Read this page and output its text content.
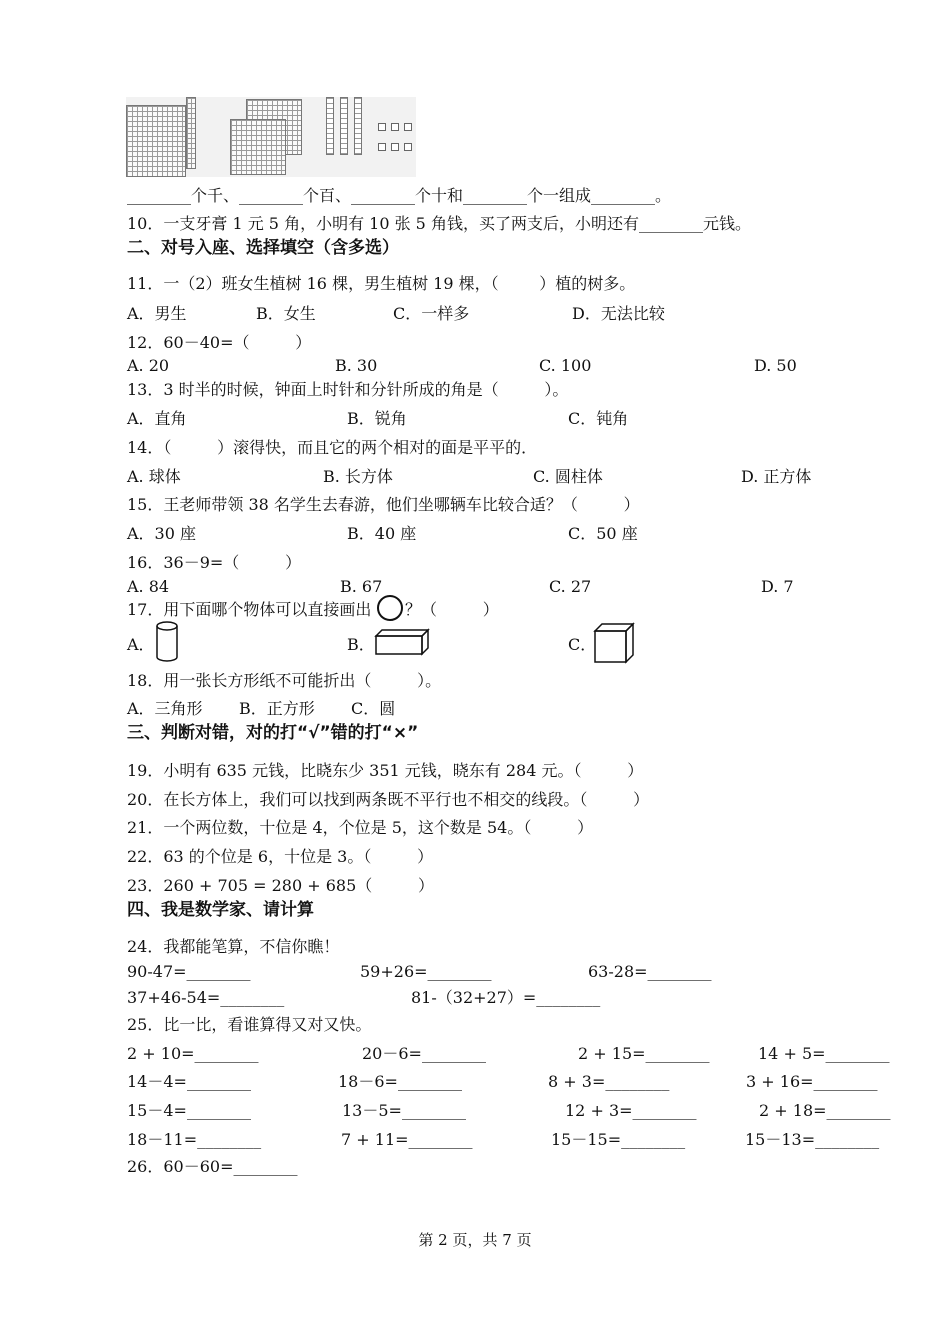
________个千、________个百、________个十和________个一组成________。
10．一支牙膏 1 元 5 角，小明有 10 张 5 角钱，买了两支后，小明还有________元钱。
二、对号入座、选择填空（含多选）
11．一（2）班女生植树 16 棵，男生植树 19 棵，（        ）植的树多。
12．60－40=（         ）
13．3 时半的时候，钟面上时针和分针所成的角是（         ）。
14．（         ）滚得快，而且它的两个相对的面是平平的．
15．王老师带领 38 名学生去春游，他们坐哪辆车比较合适？（         ）
16．36－9=（         ）
18．用一张长方形纸不可能折出（         ）。
三、判断对错，对的打“√”错的打“×”
19．小明有 635 元钱，比晓东少 351 元钱，晓东有 284 元。（         ）
20．在长方体上，我们可以找到两条既不平行也不相交的线段。（         ）
21．一个两位数，十位是 4，个位是 5，这个数是 54。（         ）
22．63 的个位是 6，十位是 3。（         ）
23．260 + 705 = 280 + 685（         ）
四、我是数学家、请计算
24．我都能笔算，不信你瞧！
25．比一比，看谁算得又对又快。
26．60－60=________
A．男生	B．女生	C．一样多	D．无法比较
A. 20	B. 30	C. 100	D. 50
A．直角	B．锐角	C．钝角
A. 球体	B. 长方体	C. 圆柱体	D. 正方体
A．30 座	B．40 座	C．50 座
A. 84	B. 67	C. 27	D. 7
A．三角形 B．正方形 C．圆
90-47=________	59+26=________	63-28=________
37+46-54=________	81-（32+27）=________
2 + 10=________	20－6=________	2 + 15=________	14 + 5=________
14－4=________	18－6=________	8 + 3=________	3 + 16=________
15－4=________	13－5=________	12 + 3=________	2 + 18=________
18－11=________	7 + 11=________	15－15=________	15－13=________
17．用下面哪个物体可以直接画出 ？（         ）
A．	B．	C．
第 2 页，共 7 页
